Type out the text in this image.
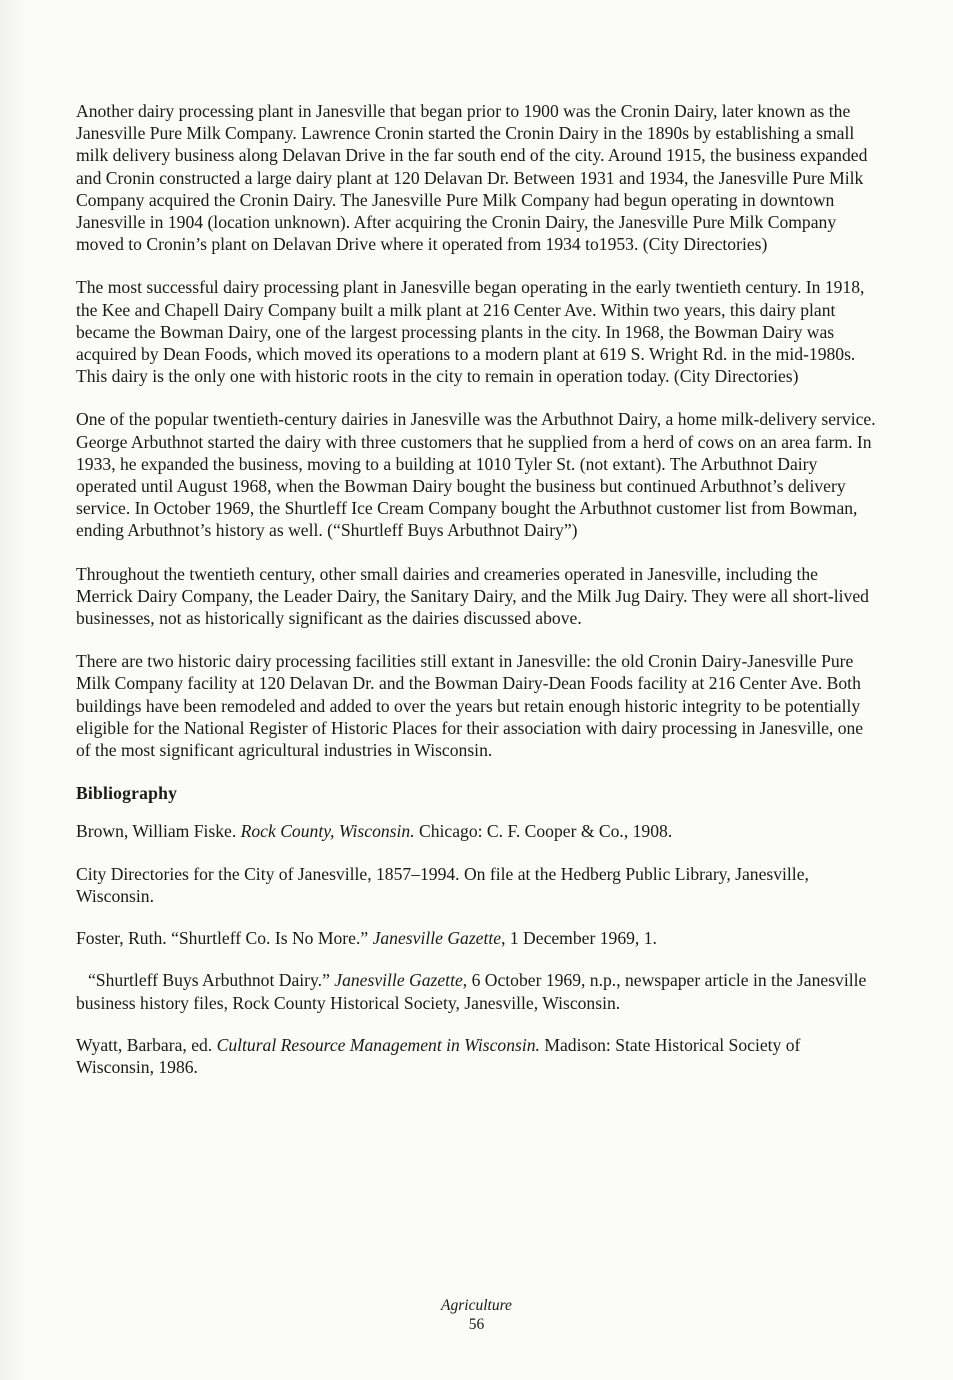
Another dairy processing plant in Janesville that began prior to 1900 was the Cronin Dairy, later known as the Janesville Pure Milk Company. Lawrence Cronin started the Cronin Dairy in the 1890s by establishing a small milk delivery business along Delavan Drive in the far south end of the city. Around 1915, the business expanded and Cronin constructed a large dairy plant at 120 Delavan Dr. Between 1931 and 1934, the Janesville Pure Milk Company acquired the Cronin Dairy. The Janesville Pure Milk Company had begun operating in downtown Janesville in 1904 (location unknown). After acquiring the Cronin Dairy, the Janesville Pure Milk Company moved to Cronin’s plant on Delavan Drive where it operated from 1934 to1953. (City Directories)

The most successful dairy processing plant in Janesville began operating in the early twentieth century. In 1918, the Kee and Chapell Dairy Company built a milk plant at 216 Center Ave. Within two years, this dairy plant became the Bowman Dairy, one of the largest processing plants in the city. In 1968, the Bowman Dairy was acquired by Dean Foods, which moved its operations to a modern plant at 619 S. Wright Rd. in the mid-1980s. This dairy is the only one with historic roots in the city to remain in operation today. (City Directories)

One of the popular twentieth-century dairies in Janesville was the Arbuthnot Dairy, a home milk-delivery service. George Arbuthnot started the dairy with three customers that he supplied from a herd of cows on an area farm. In 1933, he expanded the business, moving to a building at 1010 Tyler St. (not extant). The Arbuthnot Dairy operated until August 1968, when the Bowman Dairy bought the business but continued Arbuthnot’s delivery service. In October 1969, the Shurtleff Ice Cream Company bought the Arbuthnot customer list from Bowman, ending Arbuthnot’s history as well. (“Shurtleff Buys Arbuthnot Dairy”)

Throughout the twentieth century, other small dairies and creameries operated in Janesville, including the Merrick Dairy Company, the Leader Dairy, the Sanitary Dairy, and the Milk Jug Dairy. They were all short-lived businesses, not as historically significant as the dairies discussed above.

There are two historic dairy processing facilities still extant in Janesville: the old Cronin Dairy-Janesville Pure Milk Company facility at 120 Delavan Dr. and the Bowman Dairy-Dean Foods facility at 216 Center Ave. Both buildings have been remodeled and added to over the years but retain enough historic integrity to be potentially eligible for the National Register of Historic Places for their association with dairy processing in Janesville, one of the most significant agricultural industries in Wisconsin.

Bibliography

Brown, William Fiske. Rock County, Wisconsin. Chicago: C. F. Cooper & Co., 1908.

City Directories for the City of Janesville, 1857–1994. On file at the Hedberg Public Library, Janesville, Wisconsin.

Foster, Ruth. “Shurtleff Co. Is No More.” Janesville Gazette, 1 December 1969, 1.

“Shurtleff Buys Arbuthnot Dairy.” Janesville Gazette, 6 October 1969, n.p., newspaper article in the Janesville business history files, Rock County Historical Society, Janesville, Wisconsin.

Wyatt, Barbara, ed. Cultural Resource Management in Wisconsin. Madison: State Historical Society of Wisconsin, 1986.

Agriculture
56
